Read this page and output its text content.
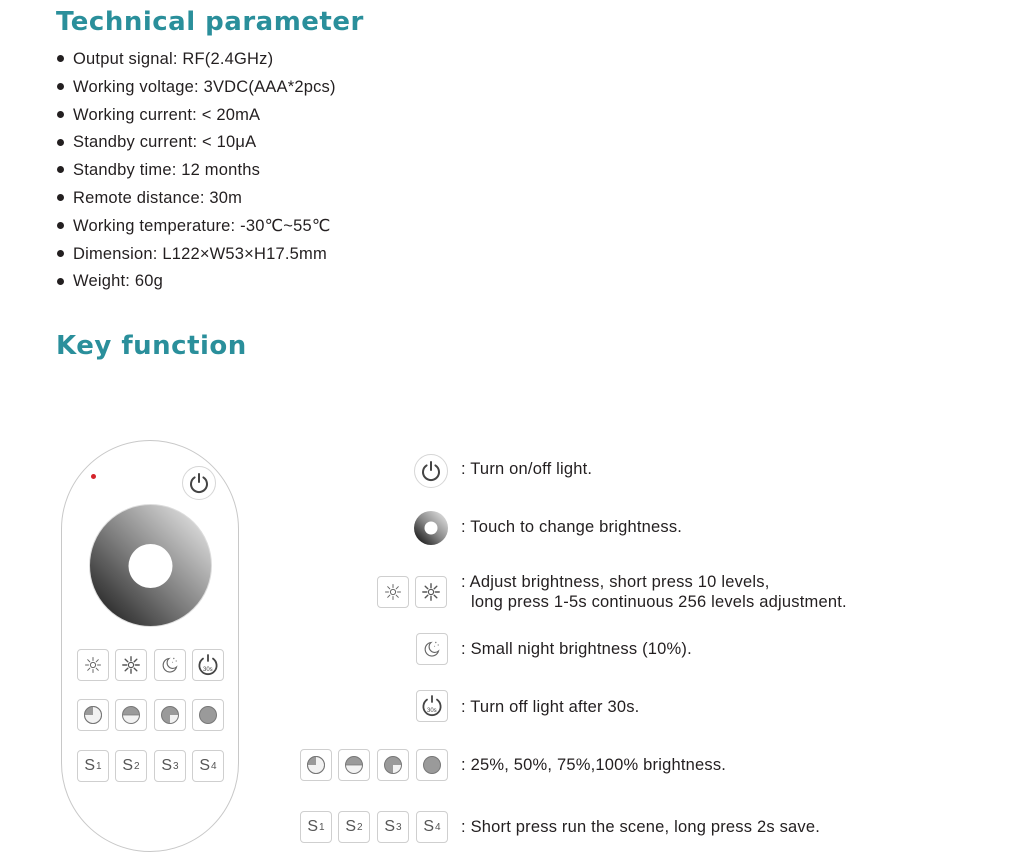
Technical parameter
Output signal: RF(2.4GHz)
Working voltage: 3VDC(AAA*2pcs)
Working current: < 20mA
Standby current: < 10μA
Standby time: 12 months
Remote distance: 30m
Working temperature: -30℃~55℃
Dimension: L122×W53×H17.5mm
Weight: 60g
Key function
30s
S 1 S 2 S 3 S 4
: Turn on/off light.
: Touch to change brightness.
: Adjust brightness, short press 10 levels,
long press 1-5s continuous 256 levels adjustment.
: Small night brightness (10%).
30s : Turn off light after 30s.
: 25%, 50%, 75%,100% brightness.
S 1 S 2 S 3 S 4 : Short press run the scene, long press 2s save.
